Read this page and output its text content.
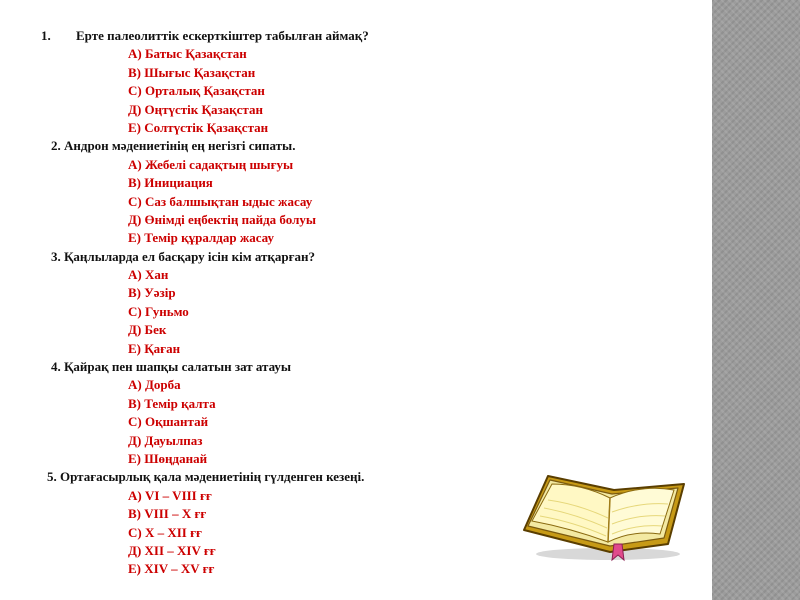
1. Ерте палеолиттік ескерткіштер табылған аймақ?
А) Батыс Қазақстан
В) Шығыс Қазақстан
С) Орталық Қазақстан
Д) Оңтүстік Қазақстан
Е) Солтүстік Қазақстан
2. Андрон мәдениетінің ең негізгі сипаты.
А) Жебелі садақтың шығуы
В) Инициация
С) Саз балшықтан ыдыс жасау
Д) Өнімді еңбектің пайда болуы
Е) Темір құралдар жасау
3. Қаңлыларда ел басқару ісін кім атқарған?
А) Хан
В) Уәзір
С) Гуньмо
Д) Бек
Е) Қаған
4. Қайрақ пен шапқы салатын зат атауы
А) Дорба
В) Темір қалта
С) Оқшантай
Д) Дауылпаз
Е) Шөңданай
5. Ортағасырлық қала мәдениетінің гүлденген кезеңі.
А) VI – VIII ғғ
В) VIII – X ғғ
С) X – XII ғғ
Д) XII – XIV ғғ
Е) XIV – XV ғғ
